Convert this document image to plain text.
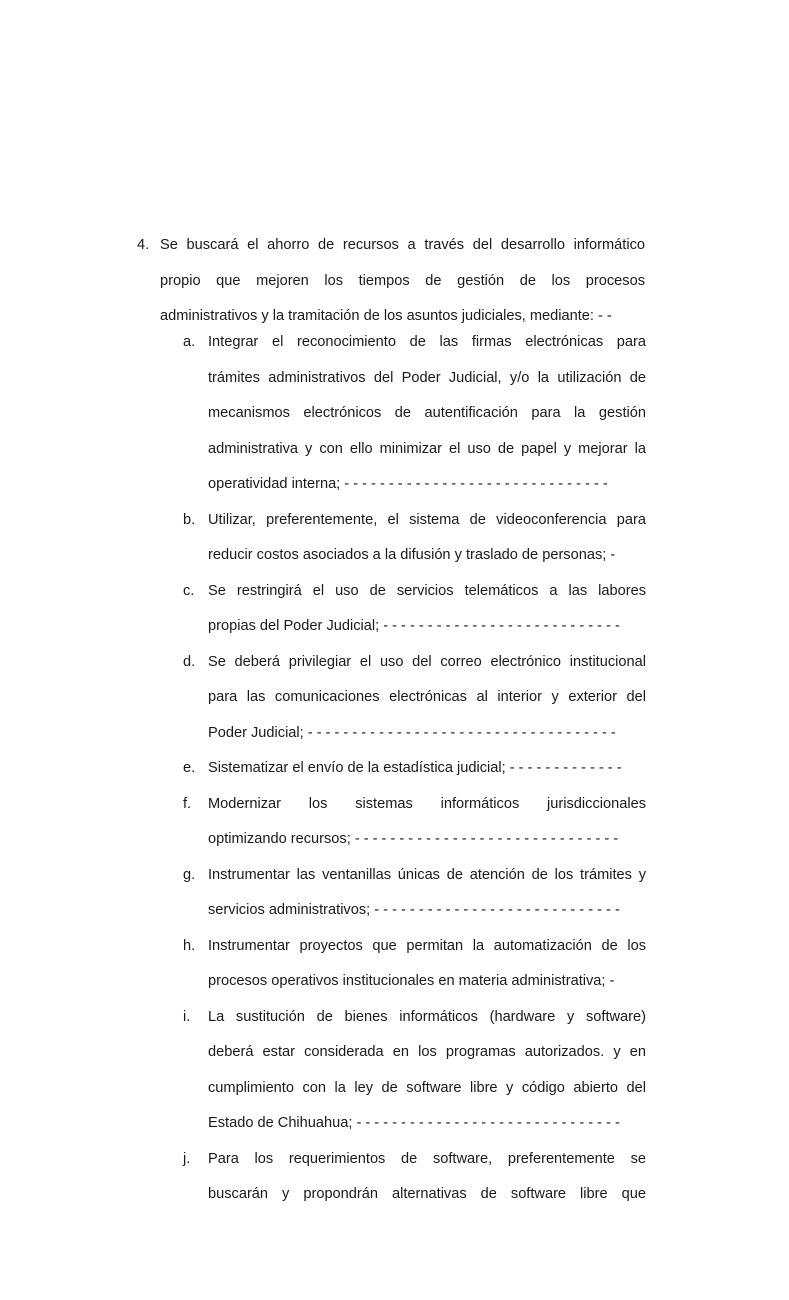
4. Se buscará el ahorro de recursos a través del desarrollo informático
propio que mejoren los tiempos de gestión de los procesos
administrativos y la tramitación de los asuntos judiciales, mediante: - -
a. Integrar el reconocimiento de las firmas electrónicas para
trámites administrativos del Poder Judicial, y/o la utilización de
mecanismos electrónicos de autentificación para la gestión
administrativa y con ello minimizar el uso de papel y mejorar la
operatividad interna; - - - - - - - - - - - - - - - - - - - - - - - - - - - - - -
b. Utilizar, preferentemente, el sistema de videoconferencia para
reducir costos asociados a la difusión y traslado de personas; -
c. Se restringirá el uso de servicios telemáticos a las labores
propias del Poder Judicial; - - - - - - - - - - - - - - - - - - - - - - - - - - -
d. Se deberá privilegiar el uso del correo electrónico institucional
para las comunicaciones electrónicas al interior y exterior del
Poder Judicial; - - - - - - - - - - - - - - - - - - - - - - - - - - - - - - - - - - -
e. Sistematizar el envío de la estadística judicial; - - - - - - - - - - - - -
f.	Modernizar los sistemas informáticos jurisdiccionales
optimizando recursos; - - - - - - - - - - - - - - - - - - - - - - - - - - - - - -
g. Instrumentar las ventanillas únicas de atención de los trámites y
servicios administrativos; - - - - - - - - - - - - - - - - - - - - - - - - - - - -
h. Instrumentar proyectos que permitan la automatización de los
procesos operativos institucionales en materia administrativa; -
i.	La sustitución de bienes informáticos (hardware y software)
deberá estar considerada en los programas autorizados. y en
cumplimiento con la ley de software libre y código abierto del
Estado de Chihuahua; - - - - - - - - - - - - - - - - - - - - - - - - - - - - - -
j.	Para los requerimientos de software, preferentemente se
buscarán y propondrán alternativas de software libre que
